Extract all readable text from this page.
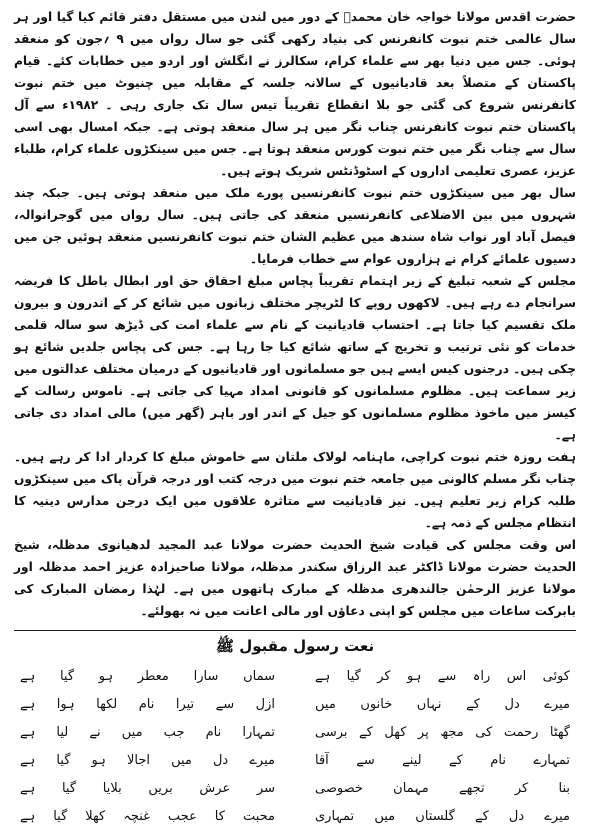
حضرت اقدس مولانا خواجہ خان محمدؒ کے دور میں لندن میں مستقل دفتر قائم کیا گیا اور ہر سال عالمی ختم نبوت کانفرنس کی بنیاد رکھی گئی جو سال رواں میں ۹ ؍جون کو منعقد ہوئی۔ جس میں دنیا بھر سے علماء کرام، سکالرز نے انگلش اور اردو میں خطابات کئے۔ قیام پاکستان کے متصلاً بعد قادیانیوں کے سالانہ جلسہ کے مقابلہ میں چنیوٹ میں ختم نبوت کانفرنس شروع کی گئی جو بلا انقطاع تقریباً تیس سال تک جاری رہی ۔ ۱۹۸۲ء سے آل پاکستان ختم نبوت کانفرنس چناب نگر میں ہر سال منعقد ہوتی ہے۔ جبکہ امسال بھی اسی سال سے چناب نگر میں ختم نبوت کورس منعقد ہوتا ہے۔ جس میں سینکڑوں علماء کرام، طلباء عزیز، عصری تعلیمی اداروں کے اسٹوڈنٹس شریک ہوتے ہیں۔

سال بھر میں سینکڑوں ختم نبوت کانفرنسیں پورے ملک میں منعقد ہوتی ہیں۔ جبکہ چند شہروں میں بین الاضلاعی کانفرنسیں منعقد کی جاتی ہیں۔ سال رواں میں گوجرانوالہ، فیصل آباد اور نواب شاہ سندھ میں عظیم الشان ختم نبوت کانفرنسیں منعقد ہوئیں جن میں دسیوں علمائے کرام نے ہزاروں عوام سے خطاب فرمایا۔

مجلس کے شعبہ تبلیغ کے زیر اہتمام تقریباً پچاس مبلغ احقاق حق اور ابطال باطل کا فریضہ سرانجام دے رہے ہیں۔ لاکھوں روپے کا لٹریچر مختلف زبانوں میں شائع کر کے اندرون و بیرون ملک تقسیم کیا جاتا ہے۔ احتساب قادیانیت کے نام سے علماء امت کی ڈیڑھ سو سالہ قلمی خدمات کو نئی ترتیب و تخریج کے ساتھ شائع کیا جا رہا ہے۔ جس کی پچاس جلدیں شائع ہو چکی ہیں۔ درجنوں کیس ایسے ہیں جو مسلمانوں اور قادیانیوں کے درمیان مختلف عدالتوں میں زیر سماعت ہیں۔ مظلوم مسلمانوں کو قانونی امداد مہیا کی جاتی ہے۔ ناموس رسالت کے کیسز میں ماخوذ مظلوم مسلمانوں کو جیل کے اندر اور باہر (گھر میں) مالی امداد دی جاتی ہے۔

ہفت روزہ ختم نبوت کراچی، ماہنامہ لولاک ملتان سے خاموش مبلغ کا کردار ادا کر رہے ہیں۔ چناب نگر مسلم کالونی میں جامعہ ختم نبوت میں درجہ کتب اور درجہ قرآن پاک میں سینکڑوں طلبہ کرام زیر تعلیم ہیں۔ نیز قادیانیت سے متاثرہ علاقوں میں ایک درجن مدارس دینیہ کا انتظام مجلس کے ذمہ ہے۔

اس وقت مجلس کی قیادت شیخ الحدیث حضرت مولانا عبد المجید لدھیانوی مدظلہ، شیخ الحدیث حضرت مولانا ڈاکٹر عبد الرزاق سکندر مدظلہ، مولانا صاحبزادہ عزیز احمد مدظلہ اور مولانا عزیز الرحمٰن جالندھری مدظلہ کے مبارک ہاتھوں میں ہے۔ لہٰذا رمضان المبارک کی بابرکت ساعات میں مجلس کو اپنی دعاؤں اور مالی اعانت میں نہ بھولئے۔

نعت رسول مقبول ﷺ
کوئی اس راہ سے ہو کر گیا ہے
میرے دل کے نہاں خانوں میں
گھٹا رحمت کی مجھ پر کھل کے برسی
تمہارے نام کے لینے سے آقا
بنا کر تجھے مہمان خصوصی
میرے دل کے گلستاں میں تمہاری
سماں سارا معطر ہو گیا ہے
ازل سے تیرا نام لکھا ہوا ہے
تمہارا نام جب میں نے لیا ہے
میرے دل میں اجالا ہو گیا ہے
سر عرش بریں بلایا گیا ہے
محبت کا عجب غنچہ کھلا گیا ہے
